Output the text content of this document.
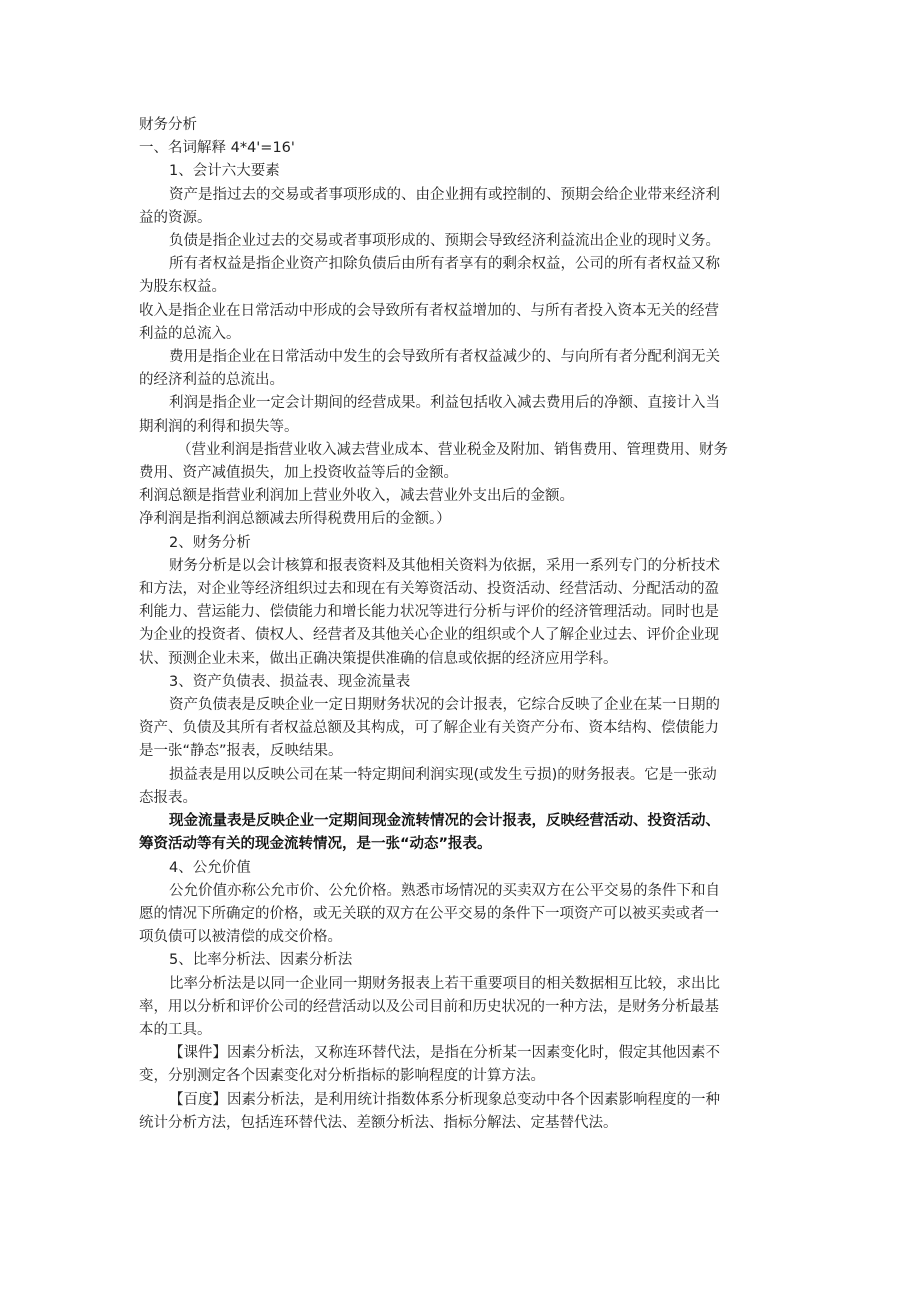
财务分析

一、名词解释 4*4'=16'

1、会计六大要素

资产是指过去的交易或者事项形成的、由企业拥有或控制的、预期会给企业带来经济利

益的资源。

负债是指企业过去的交易或者事项形成的、预期会导致经济利益流出企业的现时义务。

所有者权益是指企业资产扣除负债后由所有者享有的剩余权益，公司的所有者权益又称

为股东权益。

收入是指企业在日常活动中形成的会导致所有者权益增加的、与所有者投入资本无关的经营

利益的总流入。

费用是指企业在日常活动中发生的会导致所有者权益减少的、与向所有者分配利润无关

的经济利益的总流出。

利润是指企业一定会计期间的经营成果。利益包括收入减去费用后的净额、直接计入当

期利润的利得和损失等。

（营业利润是指营业收入减去营业成本、营业税金及附加、销售费用、管理费用、财务

费用、资产减值损失，加上投资收益等后的金额。

利润总额是指营业利润加上营业外收入，减去营业外支出后的金额。

净利润是指利润总额减去所得税费用后的金额。）

2、财务分析

财务分析是以会计核算和报表资料及其他相关资料为依据，采用一系列专门的分析技术

和方法，对企业等经济组织过去和现在有关筹资活动、投资活动、经营活动、分配活动的盈

利能力、营运能力、偿债能力和增长能力状况等进行分析与评价的经济管理活动。同时也是

为企业的投资者、债权人、经营者及其他关心企业的组织或个人了解企业过去、评价企业现

状、预测企业未来，做出正确决策提供准确的信息或依据的经济应用学科。

3、资产负债表、损益表、现金流量表

资产负债表是反映企业一定日期财务状况的会计报表，它综合反映了企业在某一日期的

资产、负债及其所有者权益总额及其构成，可了解企业有关资产分布、资本结构、偿债能力

是一张“静态”报表，反映结果。

损益表是用以反映公司在某一特定期间利润实现(或发生亏损)的财务报表。它是一张动

态报表。

现金流量表是反映企业一定期间现金流转情况的会计报表，反映经营活动、投资活动、

筹资活动等有关的现金流转情况，是一张“动态”报表。

4、公允价值

公允价值亦称公允市价、公允价格。熟悉市场情况的买卖双方在公平交易的条件下和自

愿的情况下所确定的价格，或无关联的双方在公平交易的条件下一项资产可以被买卖或者一

项负债可以被清偿的成交价格。

5、比率分析法、因素分析法

比率分析法是以同一企业同一期财务报表上若干重要项目的相关数据相互比较，求出比

率，用以分析和评价公司的经营活动以及公司目前和历史状况的一种方法，是财务分析最基

本的工具。

【课件】因素分析法，又称连环替代法，是指在分析某一因素变化时，假定其他因素不

变，分别测定各个因素变化对分析指标的影响程度的计算方法。

【百度】因素分析法，是利用统计指数体系分析现象总变动中各个因素影响程度的一种

统计分析方法，包括连环替代法、差额分析法、指标分解法、定基替代法。
